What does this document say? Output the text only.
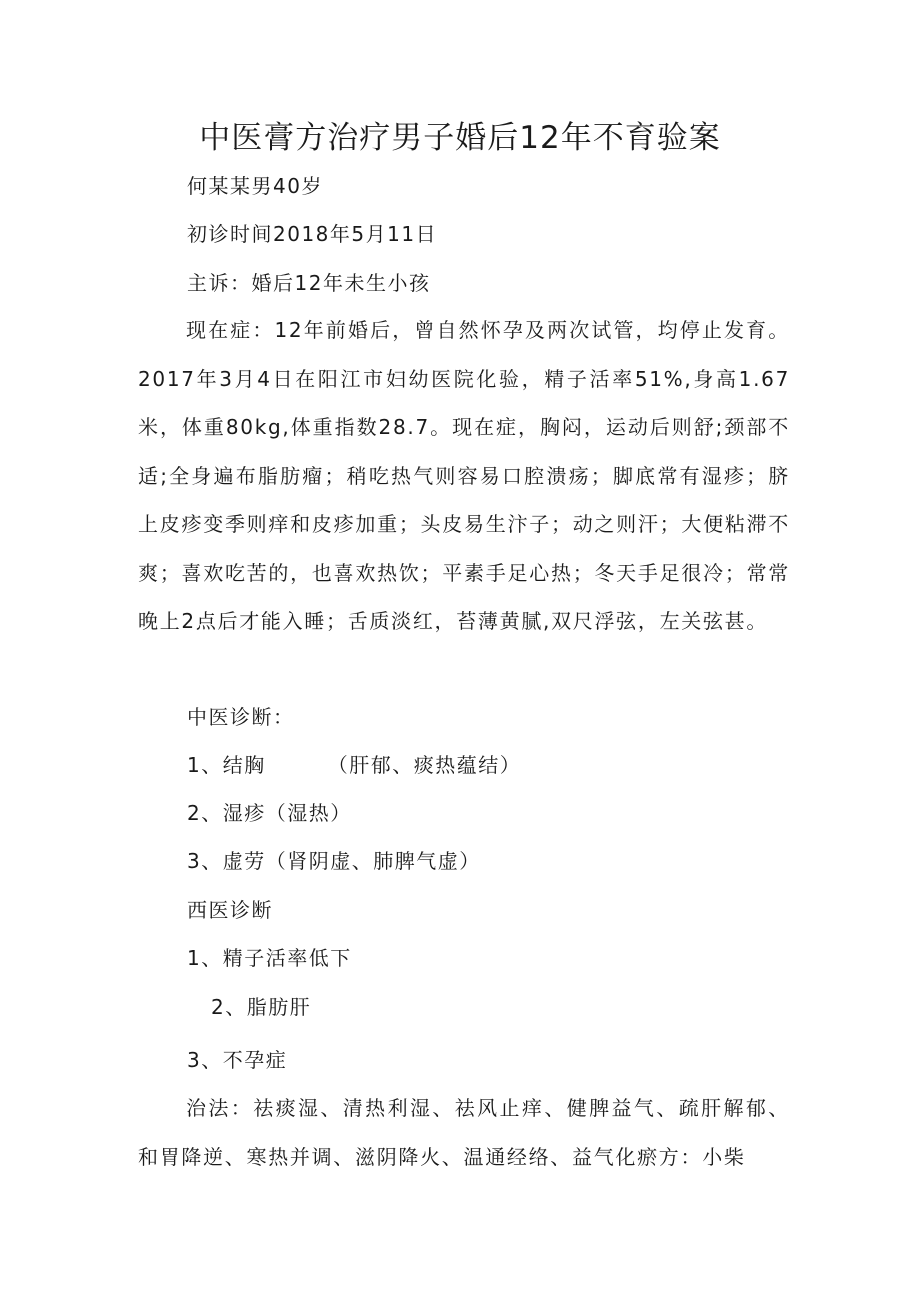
中医膏方治疗男子婚后12年不育验案
何某某男40岁
初诊时间2018年5月11日
主诉：婚后12年未生小孩

现在症：12年前婚后，曾自然怀孕及两次试管，均停止发育。2017年3月4日在阳江市妇幼医院化验，精子活率51%,身高1.67米，体重80kg,体重指数28.7。现在症，胸闷，运动后则舒;颈部不适;全身遍布脂肪瘤；稍吃热气则容易口腔溃疡；脚底常有湿疹；脐上皮疹变季则痒和皮疹加重；头皮易生汴子；动之则汗；大便粘滞不爽；喜欢吃苦的，也喜欢热饮；平素手足心热；冬天手足很冷；常常晚上2点后才能入睡；舌质淡红，苔薄黄腻,双尺浮弦，左关弦甚。

中医诊断：
1、结胸	（肝郁、痰热蕴结）
2、湿疹（湿热）
3、虚劳（肾阴虚、肺脾气虚）
西医诊断
1、精子活率低下
2、脂肪肝
3、不孕症

治法：祛痰湿、清热利湿、祛风止痒、健脾益气、疏肝解郁、和胃降逆、寒热并调、滋阴降火、温通经络、益气化瘀方：小柴
